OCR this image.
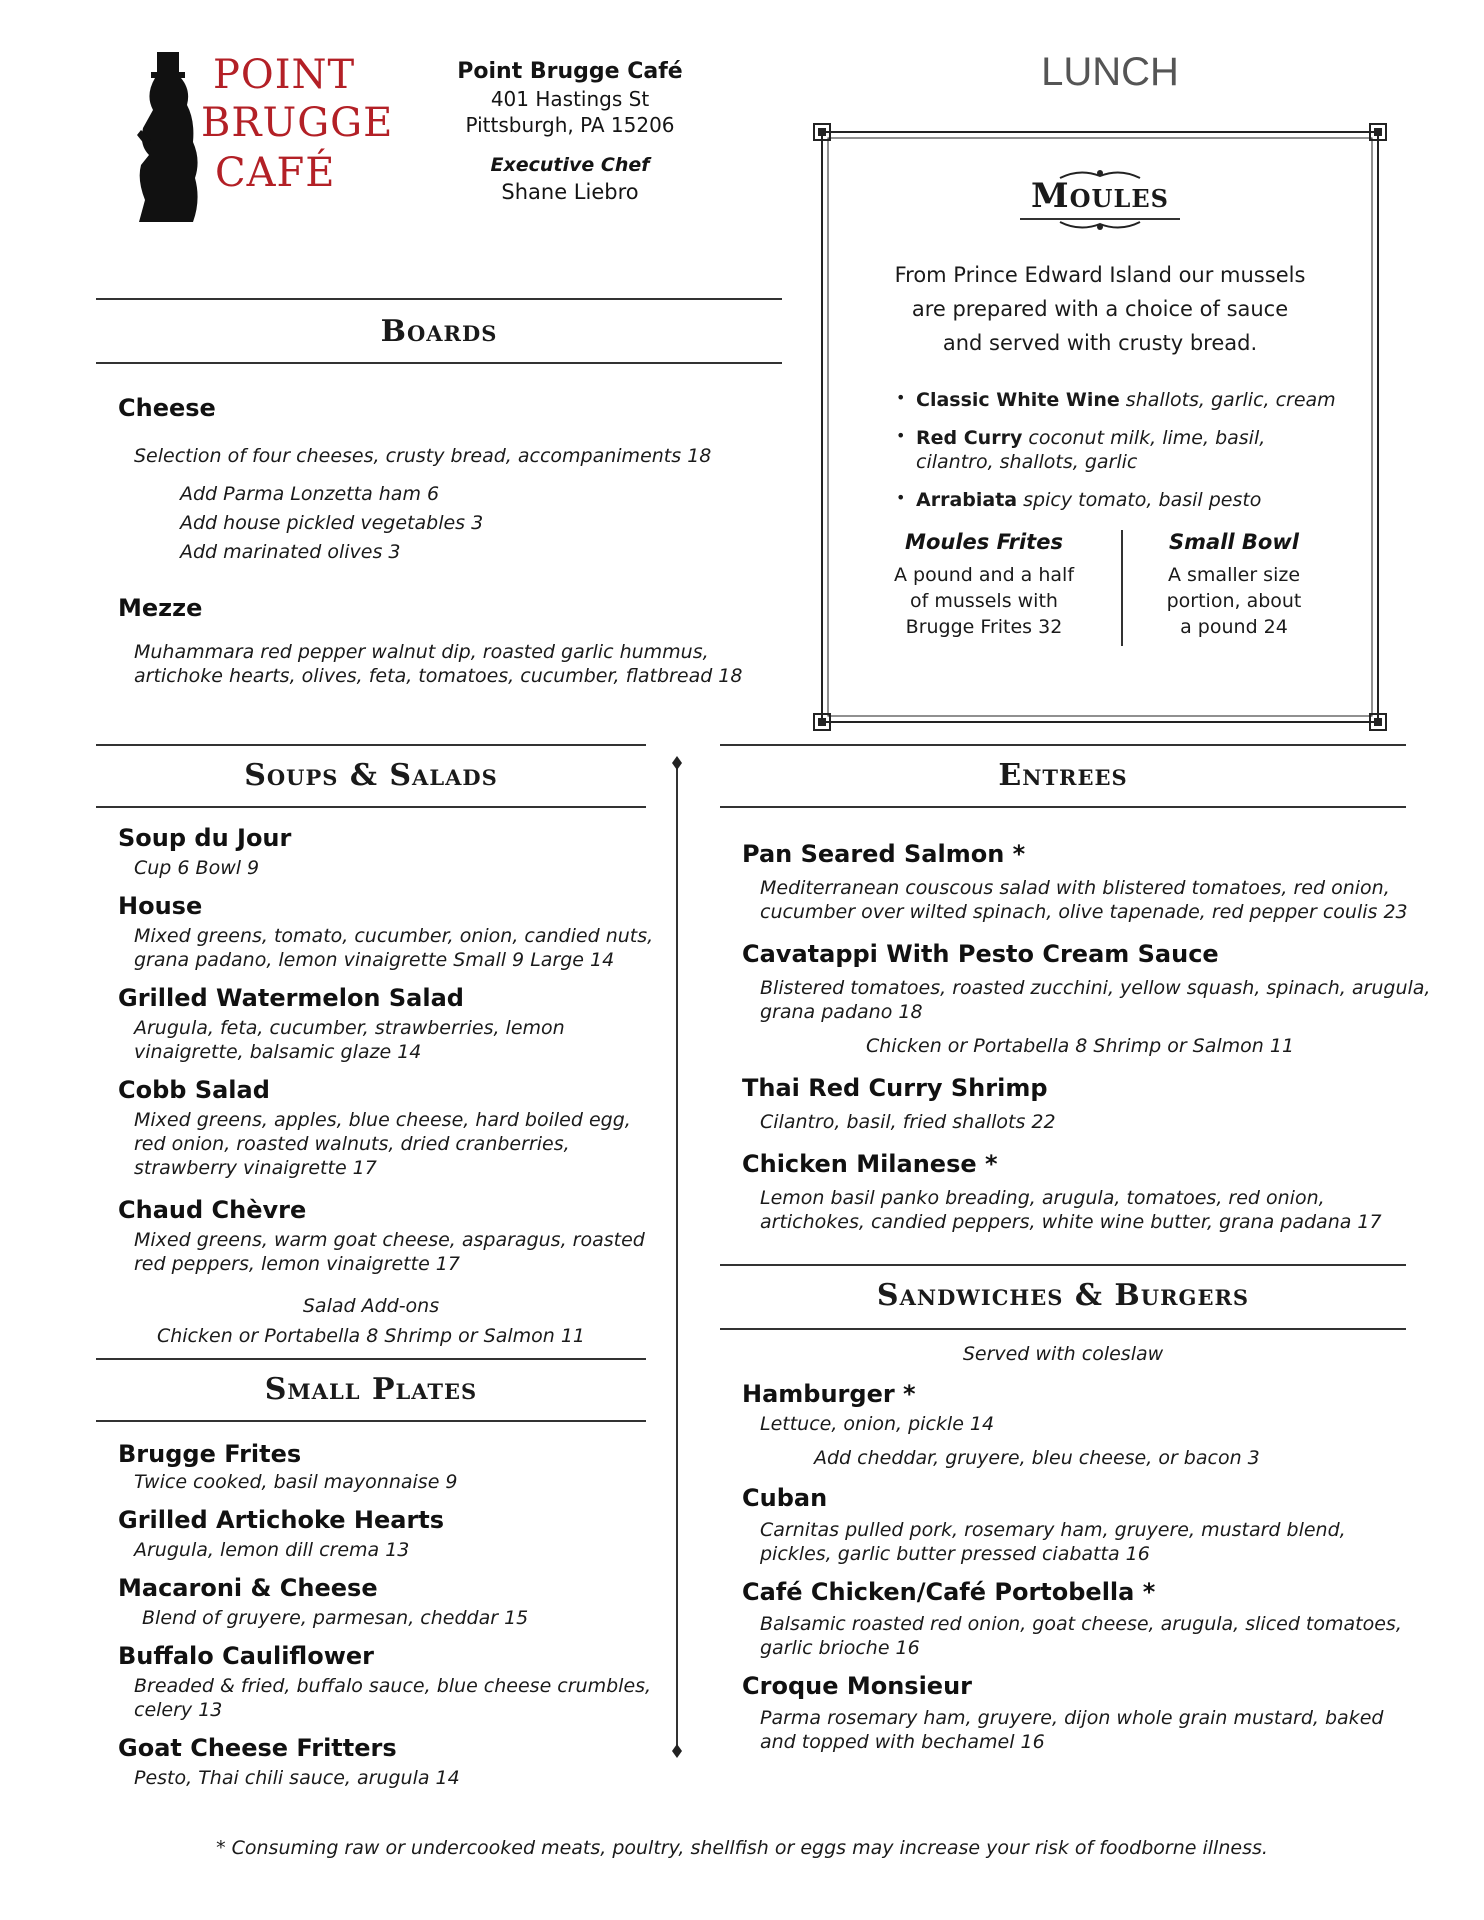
POINT
BRUGGE
CAFÉ
Point Brugge Café
401 Hastings St
Pittsburgh, PA 15206
Executive Chef
Shane Liebro
LUNCH
Moules
From Prince Edward Island our mussels
are prepared with a choice of sauce
and served with crusty bread.
• Classic White Wine shallots, garlic, cream
• Red Curry coconut milk, lime, basil,
cilantro, shallots, garlic
• Arrabiata spicy tomato, basil pesto
Moules Frites
A pound and a half
of mussels with
Brugge Frites 32
Small Bowl
A smaller size
portion, about
a pound 24
Boards
Cheese
Selection of four cheeses, crusty bread, accompaniments 18
Add Parma Lonzetta ham 6
Add house pickled vegetables 3
Add marinated olives 3
Mezze
Muhammara red pepper walnut dip, roasted garlic hummus,
artichoke hearts, olives, feta, tomatoes, cucumber, flatbread 18
Soups & Salads
Soup du Jour
Cup 6 Bowl 9
House
Mixed greens, tomato, cucumber, onion, candied nuts,
grana padano, lemon vinaigrette Small 9 Large 14
Grilled Watermelon Salad
Arugula, feta, cucumber, strawberries, lemon
vinaigrette, balsamic glaze 14
Cobb Salad
Mixed greens, apples, blue cheese, hard boiled egg,
red onion, roasted walnuts, dried cranberries,
strawberry vinaigrette 17
Chaud Chèvre
Mixed greens, warm goat cheese, asparagus, roasted
red peppers, lemon vinaigrette 17
Salad Add-ons
Chicken or Portabella 8 Shrimp or Salmon 11
Small Plates
Brugge Frites
Twice cooked, basil mayonnaise 9
Grilled Artichoke Hearts
Arugula, lemon dill crema 13
Macaroni & Cheese
Blend of gruyere, parmesan, cheddar 15
Buffalo Cauliflower
Breaded & fried, buffalo sauce, blue cheese crumbles,
celery 13
Goat Cheese Fritters
Pesto, Thai chili sauce, arugula 14
Entrees
Pan Seared Salmon *
Mediterranean couscous salad with blistered tomatoes, red onion,
cucumber over wilted spinach, olive tapenade, red pepper coulis 23
Cavatappi With Pesto Cream Sauce
Blistered tomatoes, roasted zucchini, yellow squash, spinach, arugula,
grana padano 18
Chicken or Portabella 8 Shrimp or Salmon 11
Thai Red Curry Shrimp
Cilantro, basil, fried shallots 22
Chicken Milanese *
Lemon basil panko breading, arugula, tomatoes, red onion,
artichokes, candied peppers, white wine butter, grana padana 17
Sandwiches & Burgers
Served with coleslaw
Hamburger *
Lettuce, onion, pickle 14
Add cheddar, gruyere, bleu cheese, or bacon 3
Cuban
Carnitas pulled pork, rosemary ham, gruyere, mustard blend,
pickles, garlic butter pressed ciabatta 16
Café Chicken/Café Portobella *
Balsamic roasted red onion, goat cheese, arugula, sliced tomatoes,
garlic brioche 16
Croque Monsieur
Parma rosemary ham, gruyere, dijon whole grain mustard, baked
and topped with bechamel 16
* Consuming raw or undercooked meats, poultry, shellfish or eggs may increase your risk of foodborne illness.
